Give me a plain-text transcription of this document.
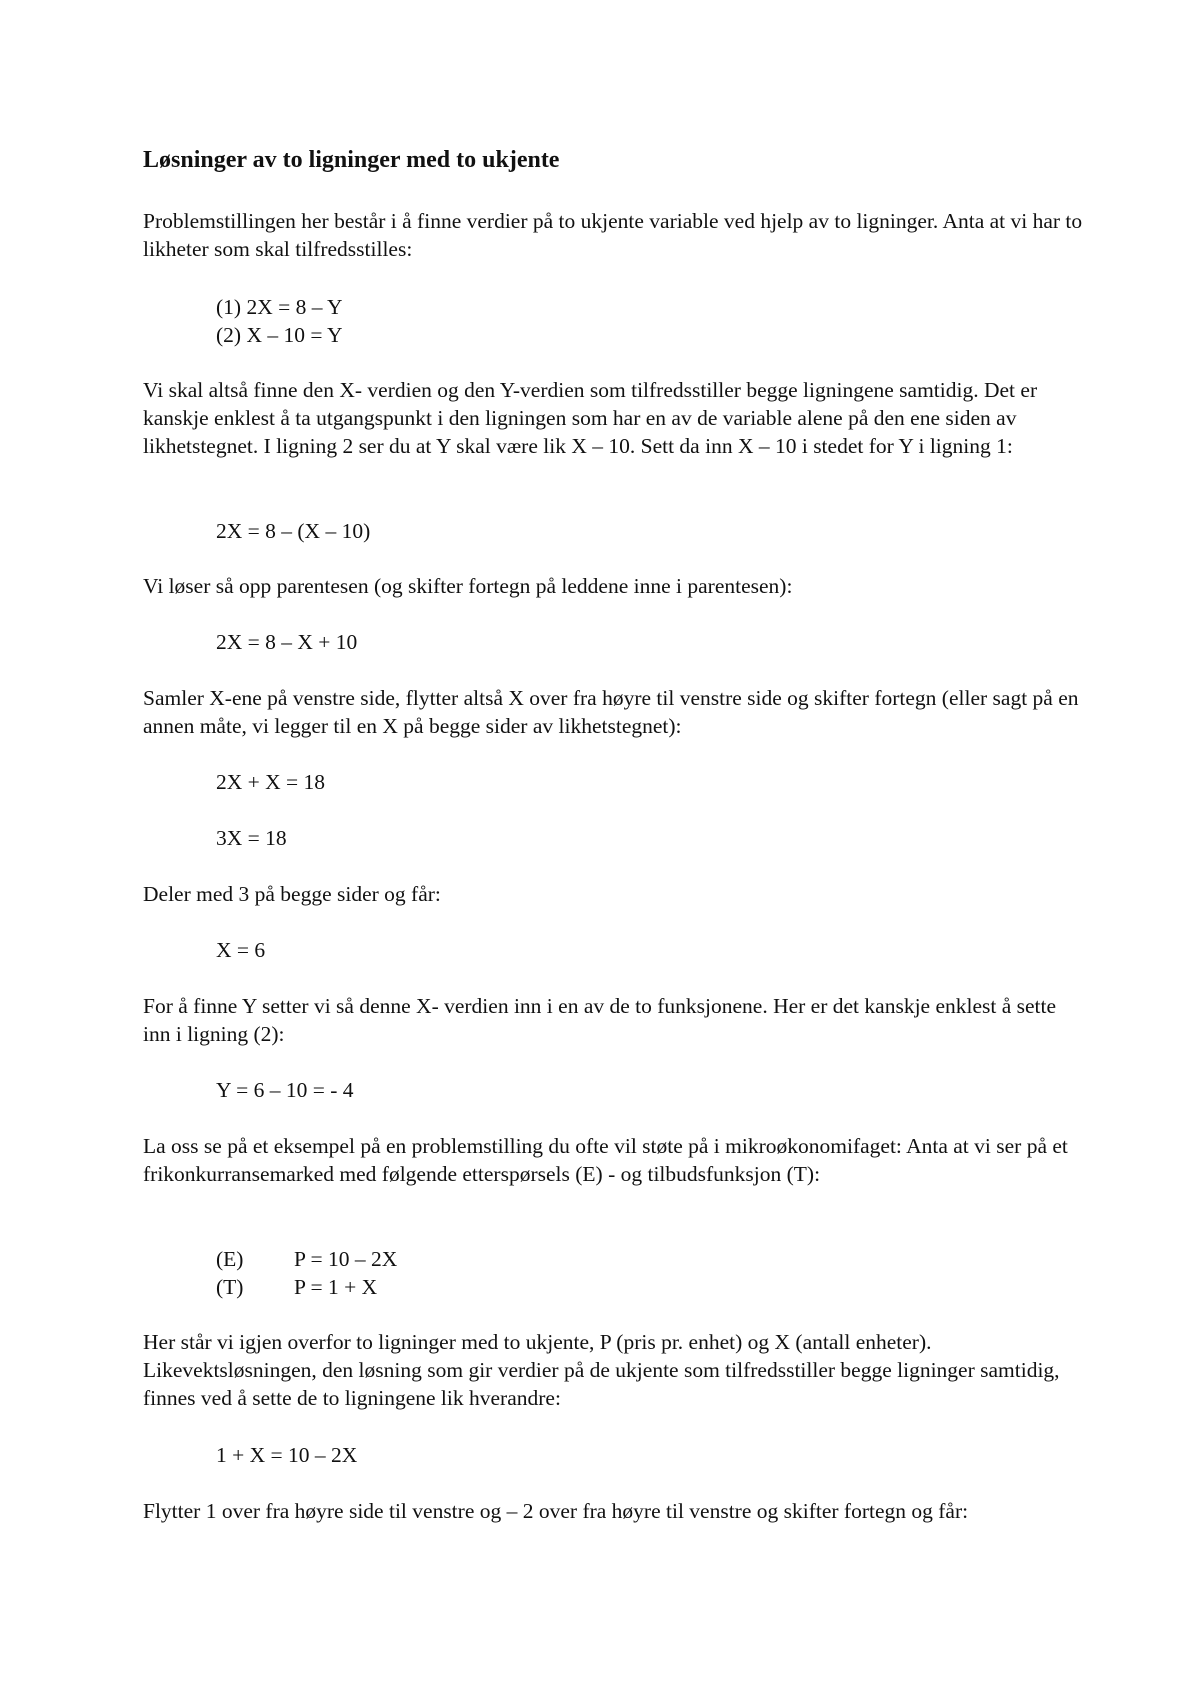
Løsninger av to ligninger med to ukjente

Problemstillingen her består i å finne verdier på to ukjente variable ved hjelp av to ligninger. Anta at vi har to likheter som skal tilfredsstilles:

(1) 2X = 8 – Y

(2) X – 10 = Y

Vi skal altså finne den X- verdien og den Y-verdien som tilfredsstiller begge ligningene samtidig. Det er kanskje enklest å ta utgangspunkt i den ligningen som har en av de variable alene på den ene siden av likhetstegnet. I ligning 2 ser du at Y skal være lik X – 10. Sett da inn X – 10 i stedet for Y i ligning 1:

2X = 8 – (X – 10)

Vi løser så opp parentesen (og skifter fortegn på leddene inne i parentesen):

2X = 8 – X + 10

Samler X-ene på venstre side, flytter altså X over fra høyre til venstre side og skifter fortegn (eller sagt på en annen måte, vi legger til en X på begge sider av likhetstegnet):

2X + X = 18

3X = 18

Deler med 3 på begge sider og får:

X = 6

For å finne Y setter vi så denne X- verdien inn i en av de to funksjonene. Her er det kanskje enklest å sette inn i ligning (2):

Y = 6 – 10 = - 4

La oss se på et eksempel på en problemstilling du ofte vil støte på i mikroøkonomifaget: Anta at vi ser på et frikonkurransemarked med følgende etterspørsels (E) - og tilbudsfunksjon (T):

(E) P = 10 – 2X

(T) P = 1 + X

Her står vi igjen overfor to ligninger med to ukjente, P (pris pr. enhet) og X (antall enheter). Likevektsløsningen, den løsning som gir verdier på de ukjente som tilfredsstiller begge ligninger samtidig, finnes ved å sette de to ligningene lik hverandre:

1 + X = 10 – 2X

Flytter 1 over fra høyre side til venstre og – 2 over fra høyre til venstre og skifter fortegn og får:
